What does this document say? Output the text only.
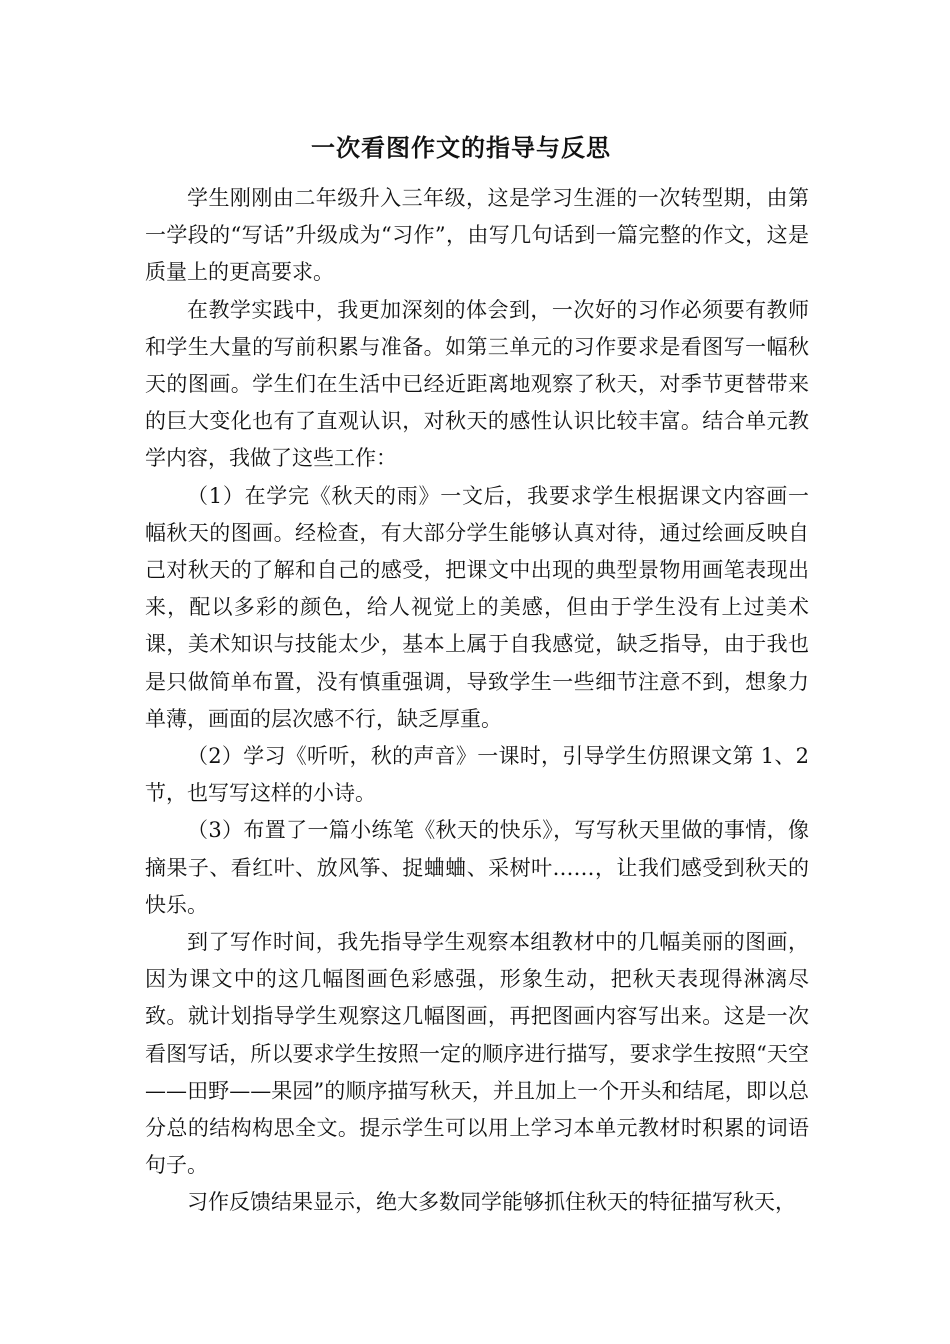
一次看图作文的指导与反思

学生刚刚由二年级升入三年级，这是学习生涯的一次转型期，由第一学段的“写话”升级成为“习作”，由写几句话到一篇完整的作文，这是质量上的更高要求。

在教学实践中，我更加深刻的体会到，一次好的习作必须要有教师和学生大量的写前积累与准备。如第三单元的习作要求是看图写一幅秋天的图画。学生们在生活中已经近距离地观察了秋天，对季节更替带来的巨大变化也有了直观认识，对秋天的感性认识比较丰富。结合单元教学内容，我做了这些工作：

（1）在学完《秋天的雨》一文后，我要求学生根据课文内容画一幅秋天的图画。经检查，有大部分学生能够认真对待，通过绘画反映自己对秋天的了解和自己的感受，把课文中出现的典型景物用画笔表现出来，配以多彩的颜色，给人视觉上的美感，但由于学生没有上过美术课，美术知识与技能太少，基本上属于自我感觉，缺乏指导，由于我也是只做简单布置，没有慎重强调，导致学生一些细节注意不到，想象力单薄，画面的层次感不行，缺乏厚重。

（2）学习《听听，秋的声音》一课时，引导学生仿照课文第 1、2 节，也写写这样的小诗。

（3）布置了一篇小练笔《秋天的快乐》，写写秋天里做的事情，像摘果子、看红叶、放风筝、捉蛐蛐、采树叶……，让我们感受到秋天的快乐。

到了写作时间，我先指导学生观察本组教材中的几幅美丽的图画，因为课文中的这几幅图画色彩感强，形象生动，把秋天表现得淋漓尽致。就计划指导学生观察这几幅图画，再把图画内容写出来。这是一次看图写话，所以要求学生按照一定的顺序进行描写，要求学生按照“天空——田野——果园”的顺序描写秋天，并且加上一个开头和结尾，即以总分总的结构构思全文。提示学生可以用上学习本单元教材时积累的词语句子。

习作反馈结果显示，绝大多数同学能够抓住秋天的特征描写秋天，
